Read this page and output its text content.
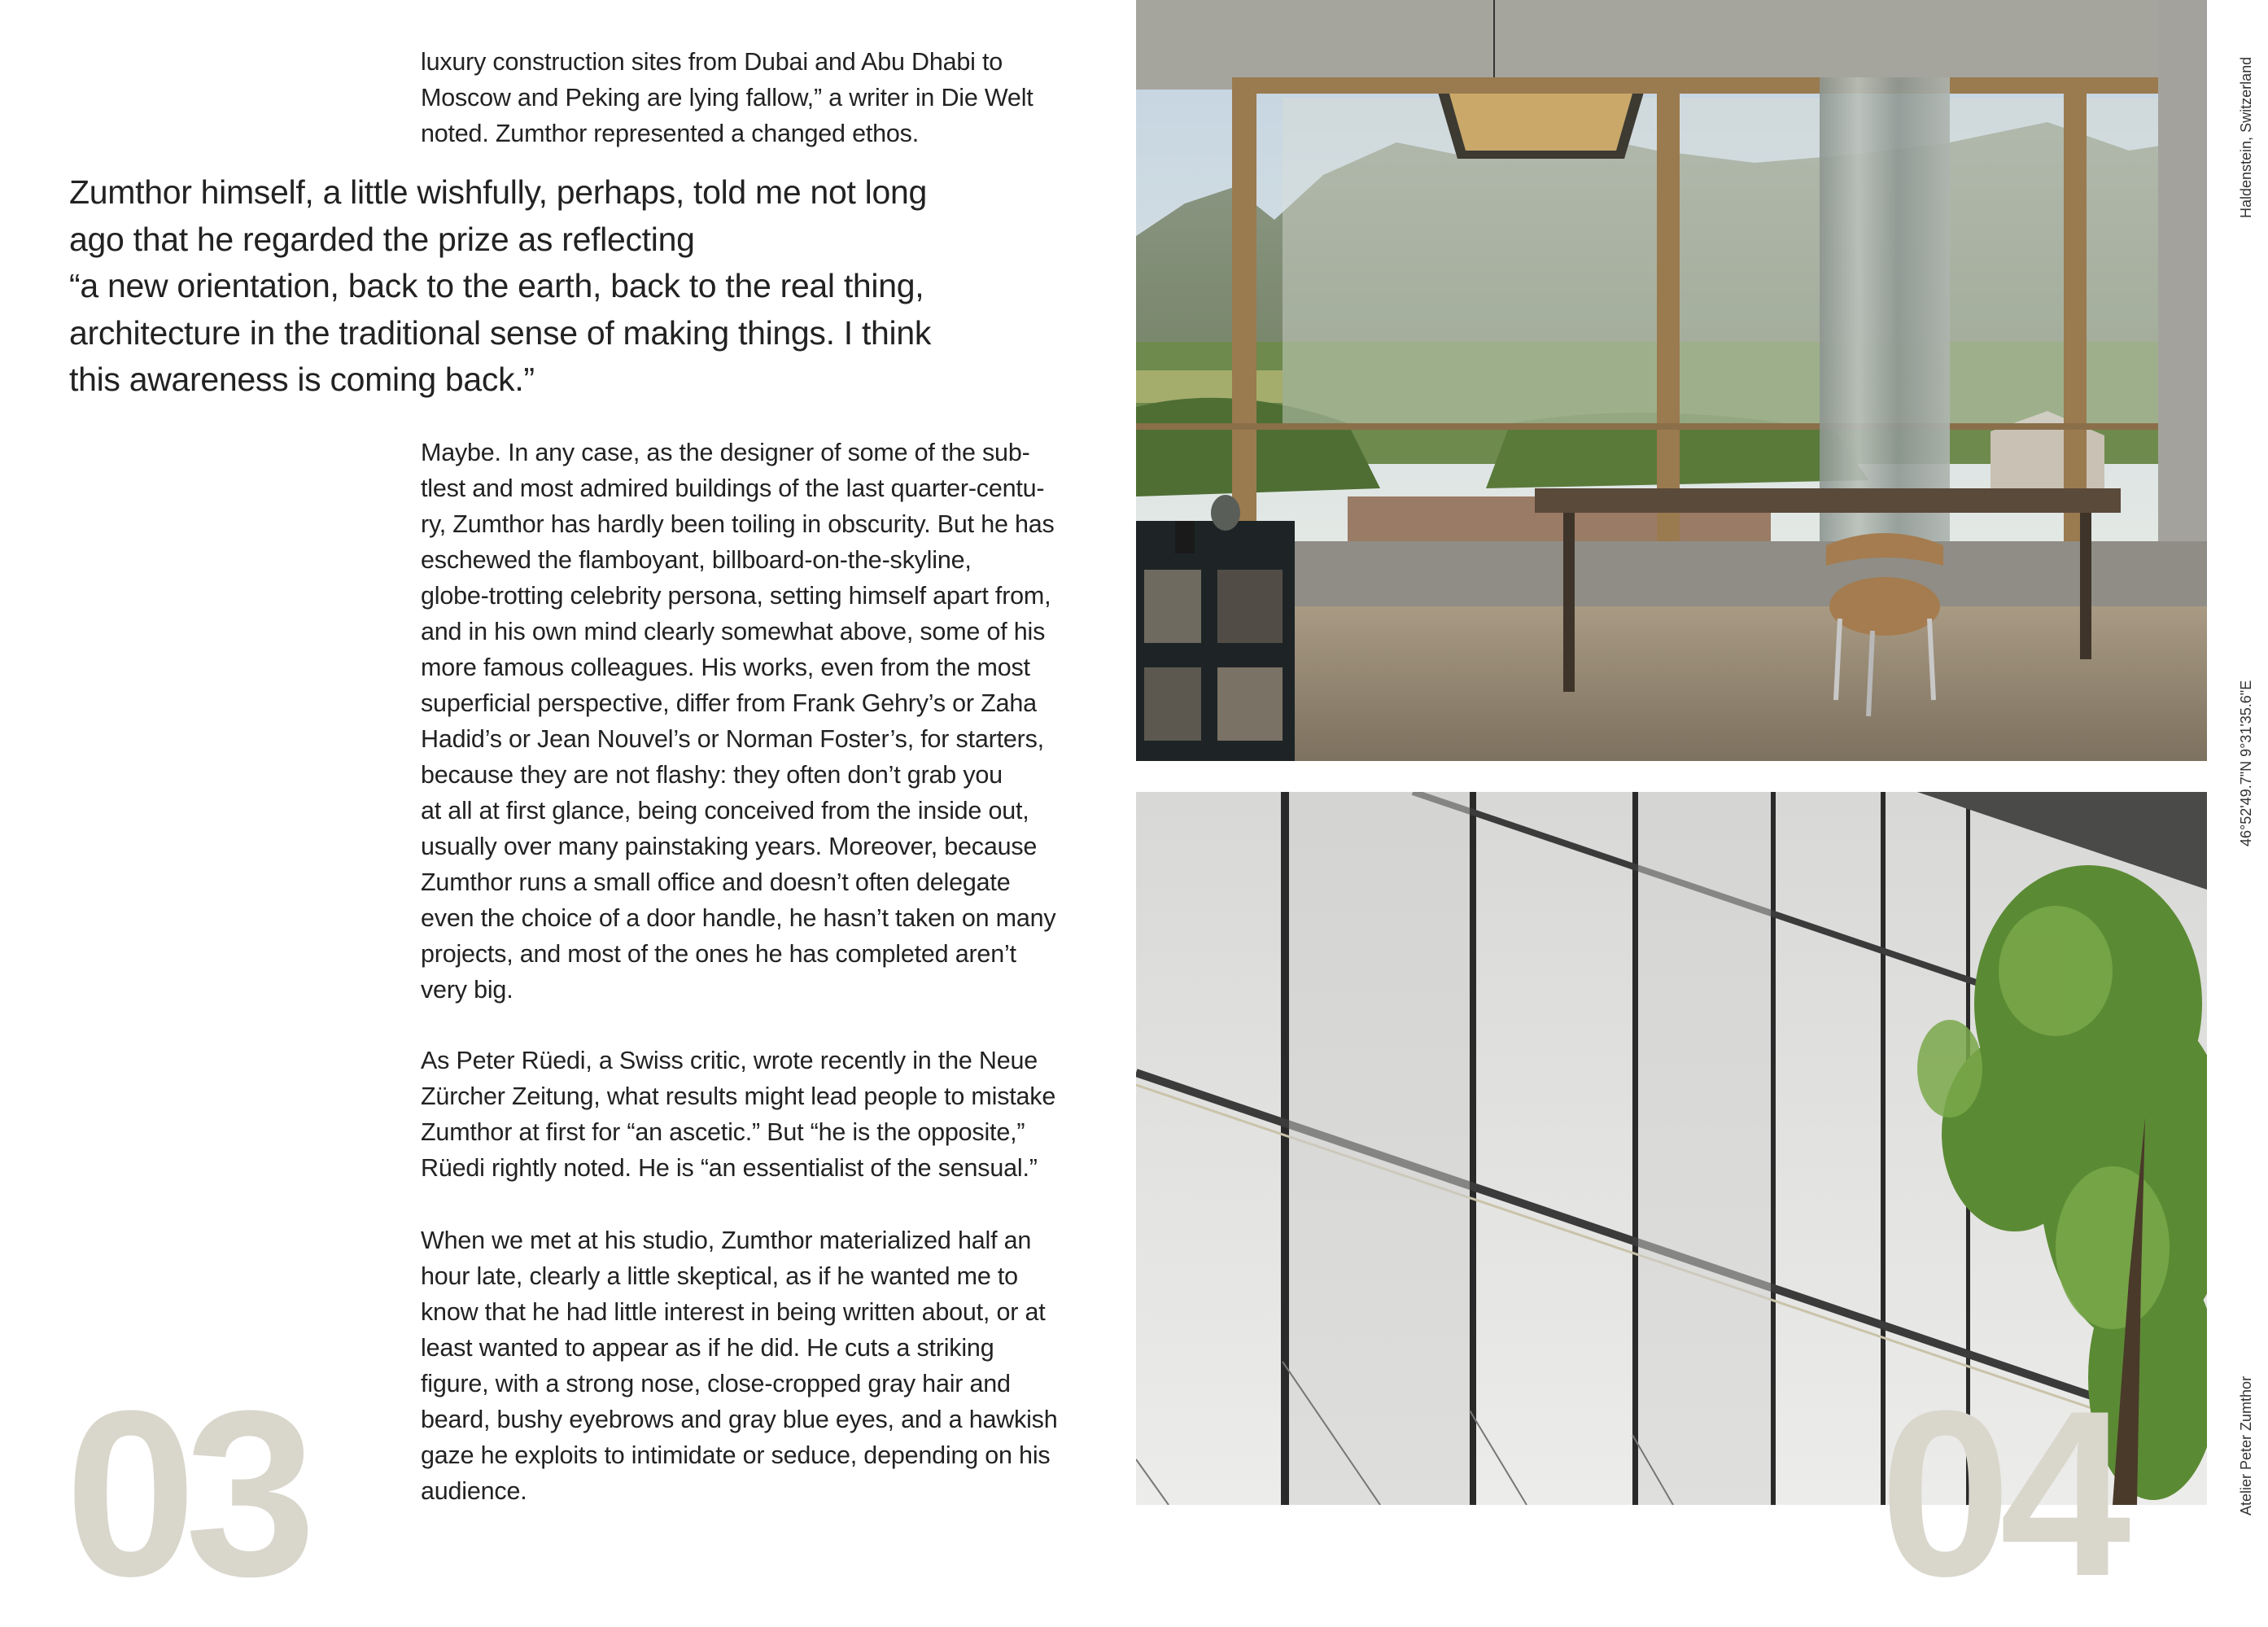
luxury construction sites from Dubai and Abu Dhabi to

Moscow and Peking are lying fallow,” a writer in Die Welt

noted. Zumthor represented a changed ethos.

Zumthor himself, a little wishfully, perhaps, told me not long

ago that he regarded the prize as reflecting

“a new orientation, back to the earth, back to the real thing,

architecture in the traditional sense of making things. I think

this awareness is coming back.”

Maybe. In any case, as the designer of some of the sub-

tlest and most admired buildings of the last quarter-centu-

ry, Zumthor has hardly been toiling in obscurity. But he has

eschewed the flamboyant, billboard-on-the-skyline,

globe-trotting celebrity persona, setting himself apart from,

and in his own mind clearly somewhat above, some of his

more famous colleagues. His works, even from the most

superficial perspective, differ from Frank Gehry’s or Zaha

Hadid’s or Jean Nouvel’s or Norman Foster’s, for starters,

because they are not flashy: they often don’t grab you

at all at first glance, being conceived from the inside out,

usually over many painstaking years. Moreover, because

Zumthor runs a small office and doesn’t often delegate

even the choice of a door handle, he hasn’t taken on many

projects, and most of the ones he has completed aren’t

very big.

As Peter Rüedi, a Swiss critic, wrote recently in the Neue

Zürcher Zeitung, what results might lead people to mistake

Zumthor at first for “an ascetic.” But “he is the opposite,”

Rüedi rightly noted. He is “an essentialist of the sensual.”

When we met at his studio, Zumthor materialized half an

hour late, clearly a little skeptical, as if he wanted me to

know that he had little interest in being written about, or at

least wanted to appear as if he did. He cuts a striking

figure, with a strong nose, close-cropped gray hair and

beard, bushy eyebrows and gray blue eyes, and a hawkish

gaze he exploits to intimidate or seduce, depending on his

audience.

03	04
Haldenstein, Switzerland
46°52'49.7"N 9°31'35.6"E
Atelier Peter Zumthor
